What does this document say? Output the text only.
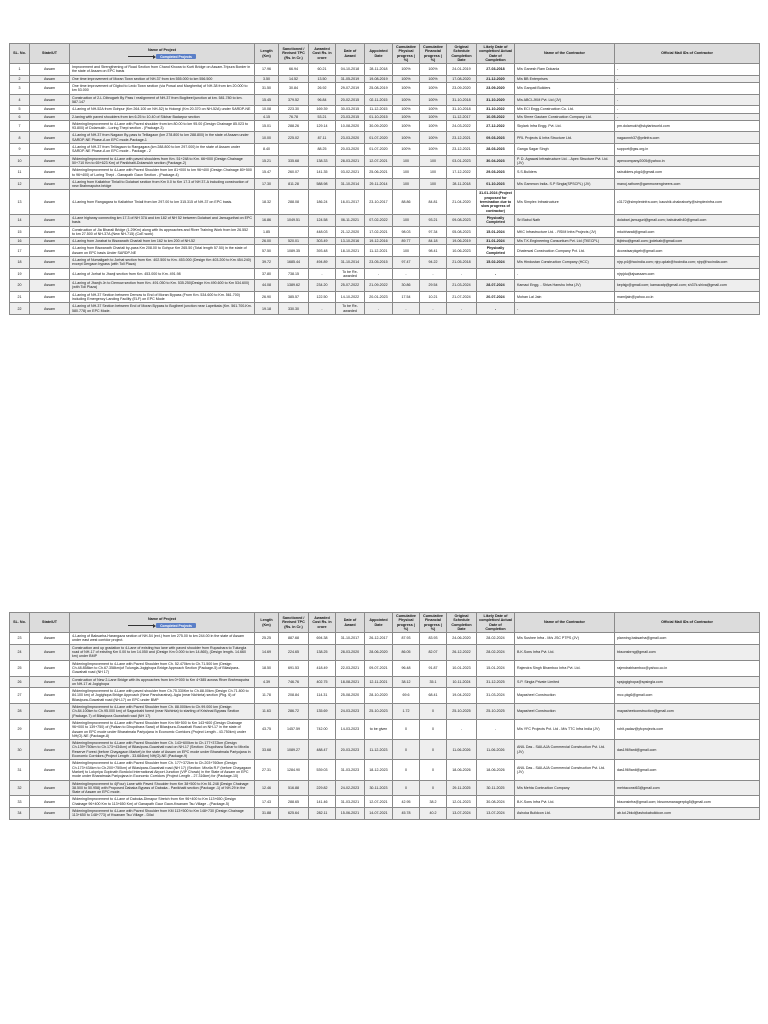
SL. No.	State/UT	Name of Project
Completed Projects	Length (Km)	Sanctioned / Revised TPC (Rs. in Cr.)	Awarded Cost Rs. in crore	Date of Award	Appointed Date	Cumulative Physical progress ( %)	Cumulative Financial progress ( %)	Original Schedule Completion Date	Likely Date of completion/ Actual Date of Completion	Name of the Contractor	Official Mail IDs of Contractor
1	Assam	Improvement and Strengthening of Road Section from Chand Khowa to Kurti Bridge on Assam-Tripura Border in the state of Assam on EPC basis	17.96	66.94	60.21	04-10-2018	28-11-2018	100%	100%	24-01-2019	27-03-2018	M/s Ganesh Ram Dokania	-
2	Assam	One time improvement of Moran Town section of NH-37 from km 555.000 to km 556.500	3.50	14.52	13.50	31-05-2019	19-08-2019	100%	100%	17-08-2020	21-12-2020	M/s BB Enterprises	-
3	Assam	One time improvement of Digboi to Ledo Town section (via Powai and Margherita) of NH-38 from km 20.000 to km 53.000	31.50	30.84	26.92	29-07-2019	25-08-2019	100%	100%	23-09-2020	23-09-2020	M/s Ganpati Builders	-
4	Assam	Construction of 2-L Dibrugarh By Pass / realignment of NH-37 from Bogibeel junction at km. 581.780 to km. 587.147	15.45	379.52	96.84	20-02-2015	02-11-2015	100%	100%	31-10-2018	31-10-2020	M/s ABCI-JKM Pvt. Ltd (JV)	-
5	Assam	4-Laning of NH-52A from Gohpur (Km 264.100 on NH-52) to Holongi (Km 20.370 on NH-52A) under SARDP-NE	10.08	223.30	169.39	30-03-2015	11-12-2015	100%	100%	31-10-2018	31-10-2022	M/s ECI Engg.Construction Co. Ltd.	-
6	Assam	2-laning with paved shoulders from km 6.25 to 10.40 of Silchar Badarpur section	4.15	76.78	53.21	23-03-2015	01-10-2015	100%	100%	11-12-2017	10-05-2022	M/s Shree Gautam Construction Company Ltd.	-
7	Assam	Widening/Improvement to 4-Lane with Paved shoulder from km 80.00 to km 95.00 (Design Chainage 85.023 to 93.800) of Dolamukh - Loring Thepi section - (Package-3)	15.01	288.26	129.14	10-08-2020	30-09-2020	100%	100%	24-03-2022	27-12-2022	Skylark Infra Engg. Pvt. Ltd.	pm.dolamukh@skylarkworld.com
8	Assam	4-Laning of NH-37 from Nagaon By-pass to Telliagaon (km 278.800 to km 288.800) in the state of Assam under SARDP-NE Phase-A on EPC mode-Package-1	10.00	225.02	87.11	23-03-2020	01-07-2020	100%	100%	23-12-2021	09-03-2023	PRL Projects & Infra Structure Ltd.	nagaonnh37@prlinfra.com
9	Assam	4-Laning of NH-37 from Telliagaon to Rangagara (km 288.800 to km 297.000) in the state of Assam under SARDP-NE Phase-A on EPC mode - Package - 2	8.40		88.25	20-03-2020	01-07-2020	100%	100%	23-12-2021	28-03-2023	Ganga Sagar Singh	support@gss.org.in
10	Assam	Widening/Improvement to 4-Lane with paved shoulders from Km. 51+248 to Km. 66+000 (Design Chainage 50+710 Km to 65+623 Km) of Panikhaiti-Dolamukh section (Package-2)	15.21	335.68	138.33	28-03-2021	12-07-2021	100	100	03-01-2023	30-04-2023	P. D. Agrawal Infrastructure Ltd. - Apex Structure Pvt. Ltd. (JV)	apexcompany2005@yahoo.in
11	Assam	Widening/Improvement to 4-Lane with Paved Shoulder from km 81+000 to km 96+400 (Design Chainage 80+500 to 96+400) of Loring Thepi - Ganapath Gaun Section - (Package-4)	15.47	260.07	141.35	03-02-2021	25-06-2021	100	100	17-12-2022	29-03-2023	S.S.Builders	ssbuilders.pkg4@gmail.com
12	Assam	4-Laning from Kaliabhor Tiniali to Dolabari section from Km 0.0 to Km 17.3 of NH 37-A including construction of new Brahmaputra bridge	17.30	811.28	588.98	31-10-2014	29-11-2014	100	100	28-11-2018	01-10-2023	M/s Gammon India- S.P Singla(SPSCPL) (JV)	manoj.rathore@gammonengineers.com
13	Assam	4-Laning from Rangagara to Kaliabhor Tiniali from km 297.00 to km 315.315 of NH-37 on EPC basis.	18.32	288.08	186.24	16-01-2017	23-10-2017	88.86	84.81	21-04-2020	31-01-2024 (Project proposed for termination due to slow progress of contractor)	M/s Simplex Infrastructure	c3172@simplexinfra.com; kaushik.chakraborty@simplexinfra.com
14	Assam	4-Lane highway connecting km 17.3 of NH 37A and km 182 of NH 52 between Dolabari and Jamugurihat on EPC basis	16.86	1049.51	124.58	06-11-2021	07-02-2022	100	93.21	09-08-2023	Physically Completed	Sri Babul Nath	dolabari.jamuguri@gmail.com; babulnath40@gmail.com
15	Assam	Construction of Jia Bharali Bridge (1.29Km) along with its approaches and River Training Work from km 26.552 to km 27.500 of NH-37A (New NH-715) (CoE work)	1.85		448.03	21-12-2020	17-02-2021	98.03	97.34	05-08-2023	15-01-2024	MKC Infrastructure Ltd. - RSIM Infra Projects (JV)	mkcbharali@gmail.com
16	Assam	4-Laning from Jorabat to Biswanath Chariali from km 162 to km 200 of NH-52	26.00	520.01	303.49	13-10-2016	19-12-2016	89.77	84.18	19-06-2019	31-01-2024	M/s T.K.Engineering Consortium Pvt. Ltd (TKECPL)	tkjbtno@gmail.com; jpdekab@gmail.com
17	Assam	4-Laning from Biswanath Chariali by-pass Km 208.00 to Gohpur Km 265.50 (Total length 57.50) in the state of Assam on EPC basis Under SARDP-NE	57.50	1089.35	393.48	18-10-2021	11-12-2021	100	98.41	10-06-2023	Physically Completed	Dhaterwal Construction Company Pvt. Ltd.	dconstsarpkgeb@gmail.com
18	Assam	4-Laning of Numaligarh to Jorhat section from Km. 402.500 to Km. 453.000 (Design Km 403.200 to Km 454.240) except Dergaon bypass (with Toll Plaza)	39.72	1685.44	494.89	31-10-2014	23-05-2015	97.47	94.22	21-05-2018	15-02-2024	M/s Hindustan Construction Company (HCC)	njrp.p4@hccindia.com; njrp.qclab@hccindia.com; njrp@hccindia.com
19	Assam	4-Laning of Jorhat to Jhanji section from Km. 453.000 to Km. 491.98	37.80	738.15	-	To be Re-awarded	-	-	-	-	-	-	njrpjdu@ajsassam.com
20	Assam	4-Laning of Jhanjh Jn to Demow section from Km. 491.050 to Km. 535.250(Design Km 490.600 to Km 534.600) (with Toll Plaza)	44.08	1389.62	234.20	25-07-2022	21-09-2022	30.86	29.54	21-03-2024	28-07-2024	Kamaci Engg. - Shiva Hanshu Infra (JV)	keplsjp@gmail.com; kamacatp@gmail.com; sh37k.shiva@gmail.com
21	Assam	4-Laning of NH-37 Section between Demow to End of Moran Bypass (From Km. 534.600 to Km. 561.700) including Emergency Landing Facility (ELF) on EPC Mode	26.90	385.57	122.50	14-10-2022	20-01-2023	17.54	10.21	21-07-2024	20-07-2024	Mohan Lal Jain	mamljain@yahoo.co.in
22	Assam	4-Laning of NH-37 Section between End of Moran Bypass to Bogibeel junction near Lapetkata (Km. 561.700-Km. 580.778) on EPC Mode.	19.18	330.30	-	To be Re-awarded	-	-	-	-	-	-	-
SL. No.	State/UT	Name of Project
Completed Projects	Length (Km)	Sanctioned / Revised TPC (Rs. in Cr.)	Awarded Cost Rs. in crore	Date of Award	Appointed Date	Cumulative Physical progress ( %)	Cumulative Financial progress ( %)	Original Schedule Completion Date	Likely Date of completion/ Actual Date of Completion	Name of the Contractor	Official Mail IDs of Contractor
23	Assam	4-Laning of Baksarha-Harangaza section of NH-54 (ext.) from km 275.00 to km 244.00 in the state of Assam under east west corridor project.	25.25	887.68	694.38	31-10-2017	26-12-2017	87.93	83.93	24-06-2020	28-02-2024	M/s Sushee Infra - M/s JSC PTPS (JV)	planning.baksarha@gmail.com
24	Assam	Construction and up gradation to 4-Lane of existing two lane with paved shoulder from Rupachara to Tulungla road of NH-17 of existing Km 0.00 to km 14.050 and (Design Km 0.000 to km 14.865), (Design length- 14.660 km) under BMP	14.69	224.65	138.25	28-03-2020	28-06-2020	86.05	82.07	26-12-2022	28-02-2024	B.K.Sons Infra Pvt. Ltd.	bksonsbrng@gmail.com
25	Assam	Widening/Improvement to 4-Lane with Paved Shoulder from Ch. 52.470km to Ch.71.500 km (Design Ch.48.858km to Ch.67.358km)of Tulungla-Jogighopa Bridge Approach Section (Package-5) of Bilasipara-Guwahati road (NH 17)	18.50	691.53	418.49	22-03-2021	09-07-2021	96.48	91.87	10-01-2023	15-01-2024	Rajendra Singh Bhamboo Infra Pvt. Ltd.	rajendrabhamboo@yahoo.co.in
26	Assam	Construction of New 2-Lane Bridge with its approaches from km 0+000 to Km 4+385 across River Brahmaputra on NH-17 at Jogighopa	4.39	746.76	402.75	18-08-2021	12-11-2021	38.12	35.1	10-11-2024	31-12-2025	S.P. Singla Private Limited	spsjogighopa@spsingla.com
27	Assam	Widening/Improvement to 4-Lane with paved shoulder from Ch.75.330Km to Ch.88.00km (Design Ch.71.800 to 84.100 km) of Jogighopa Bridge Approach (Near Pancharatna)- Agia (near Nichinta) section (Pkg. 6) of Bilasipura-Guwahati road (NH-17) on EPC under BMP	11.78	208.84	114.31	25-08-2020	28-10-2020	69.6	68.41	19-04-2022	31-03-2024	Mayasheel Construction	mcc.pkg6@gmail.com
28	Assam	Widening/Improvement to 4-Lane with Paved Shoulder from Ch. 88.000km to Ch.99.000 km (Design Ch.84.100km to Ch.95.000 km) of Sagunbahi forest (near Nichinta) to starting of Krishnai Bypass Section (Package-7) of Bilasipura Guwahati road (NH 17)	11.63	286.72	135.69	24-03-2023	25-10-2023	1.72	0	25-10-2025	25-10-2025	Mayasheel Construction	mayasheelconstruction@gmail.com
29	Assam	Widening/Improvement to 4-Lane with Paved Shoulder from Km 98+500 to Km 143+600 (Design Chainage 96+000 to 139+750) of (Paikan to Dhupdhara Sarai) of Bilasipura-Guwahati Road on NH-17 in the state of Assam on EPC mode under Bharatmala Pariyojana in Economic Corridors (Project Length - 43.750km) under NH(O)-NE (Package-8)	43.75	1457.59	742.00	14-03-2023	to be given	0	0	-	-	M/s YFC Projects Pvt. Ltd - M/s TTC Infra India (JV)	rohit.yadav@yfcprojects.com
30	Assam	Widening/Improvement to 4-Lane with Paved Shoulder from Ch. 143+600km to Ch.177+372km (Design Ch.139+750km to Ch.173+434km) of Bilasipura-Guwahati road on NH-17 (Section: Dhupdhara Sahar to Mirzila Reserve Forest (before Chayagaon Market) in the state of Assam on EPC mode under Bharatmala Pariyojana in Economic Corridors (Project Length - 33.684km) NH(O)-NE (Package-9)	33.68	1089.27	488.47	20-03-2023	11-12-2023	0	0	11-06-2026	11-06-2026	ANIL Das - SAILAJA Commercial Construction Pvt. Ltd. (JV)	das1969anil@gmail.com
31	Assam	Widening/Improvement to 4-Lane with Paved Shoulder from Ch. 177+372km to Ch.203+760km (Design Ch.173+434km to Ch.200+750km) of Bilasipara-Guwahati road (NH 17) (Section: Mirzila R.F (before Chayagaon Market) to Lokpriya Gopinath Bordoloi International Airport Junction (VIP Chowk) in the State of Assam on EPC mode under Bharatmala Pariyojana in Economic Corridors (Project Length - 27.316km) for (Package-10)	27.31	1284.90	539.03	31-03-2023	18-12-2023	0	0	18-06-2026	18-06-2026	ANIL Das - SAILAJA Commercial Construction Pvt. Ltd. (JV)	das1969anil@gmail.com
32	Assam	Widening/Improvement to 4(Four) Lane with Paved Shoulder from Km 38+500 to Km 51.248 (Design Chainage 38.500 to 50.958) with Proposed Dabaka Bypass of Dabaka - Panikhaiti section (Package -1) of NH-29 in the State of Assam on EPC mode.	12.46	516.88	229.82	24-02-2023	30-11-2023	0	0	29-11-2025	30-11-2025	M/s Mehta Contruction Company	mehtaconst63@gmail.com
33	Assam	Widening/Improvement to 4-Lane of Daboka-Dimapur Stretch from Km 96+400 to Km 113+650 (Design Chainage 96+400 Km to 113+650 Km) of Ganapath Gaur Gaon-Kwanam Tsu Village - (Package-5)	17.43	288.65	141.46	31-03-2021	12-07-2021	42.95	38.2	12-01-2023	30-08-2024	B.K.Sons Infra Pvt. Ltd.	bksonsinfra@gmail.com; bksonsmanagerpkg5@gmail.com
34	Assam	Widening/Improvement to 4-Lane with Paved Shoulder from KM 113+500 to Km 148+730 (Design Chainage 113+650 to 148+773) of Kwanam Tsu Village - Dilai	31.88	625.64	282.11	15-06-2021	14-07-2021	45.78	40.2	13-07-2024	13-07-2024	Ashoka Buildcon Ltd.	ab.kd.2bkd@ashokabuildcon.com
